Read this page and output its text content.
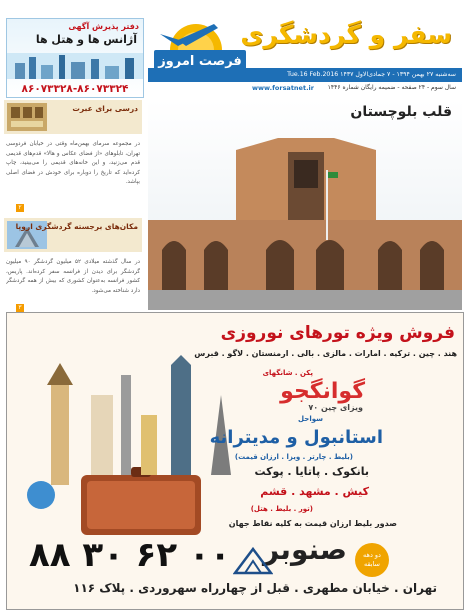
دفتر پذیرش آگهی
آژانس ها و هتل ها
۸۶۰۷۳۳۲۸-۸۶۰۷۳۳۲۴
سفر و گردشگری
فرصت امروز
سه‌شنبه ۲۷ بهمن ۱۳۹۴ - ۷ جمادی‌الاول ۱۴۳۷ Tue.16 Feb.2016
سال سوم - ۲۴ صفحه - ضمیمه رایگان شماره ۱۴۴۶
www.forsatnet.ir
درسی برای عبرت
در مجموعه سرمای بهمن‌ماه وقتی در خیابان فردوسی تهران، تابلوهای «از فضای عکاس و هالا» قدم‌های قدیمی قدم می‌زنید، و این خانه‌های قدیمی را می‌بینید، چاپ کرده‌اید که تاریخ را دوباره برای خودش در فضای اصلی بپاشد.
۲
مکان‌های برجسته گردشگری اروپا
در سال گذشته میلادی ۵۲ میلیون گردشگر ۹۰ میلیون گردشگر برای دیدن از فرانسه سفر کرده‌اند. پاریس، کشور فرانسه به‌عنوان کشوری که بیش از همه گردشگر دارد شناخته می‌شود.
۳
قلب بلوچستان
فروش ویژه تورهای نوروزی
هند . چین . ترکیه . امارات . مالزی . بالی . ارمنستان . لاگو . قبرس
پکن . شانگهای
گوانگجو
ویزای چین ۷۰
سواحل
استانبول و مدیترانه
(بلیط . چارتر . ویزا . ارزان قیمت)
بانکوک . پاتایا . پوکت
کیش . مشهد . قشم
(تور . بلیط . هتل)
صدور بلیط ارزان قیمت به کلیه نقاط جهان
دو دهه سابقه
صنوبر
۸۸ ۳۰ ۶۲ ۰۰
تهران . خیابان مطهری . قبل از چهارراه سهروردی . پلاک ۱۱۶
